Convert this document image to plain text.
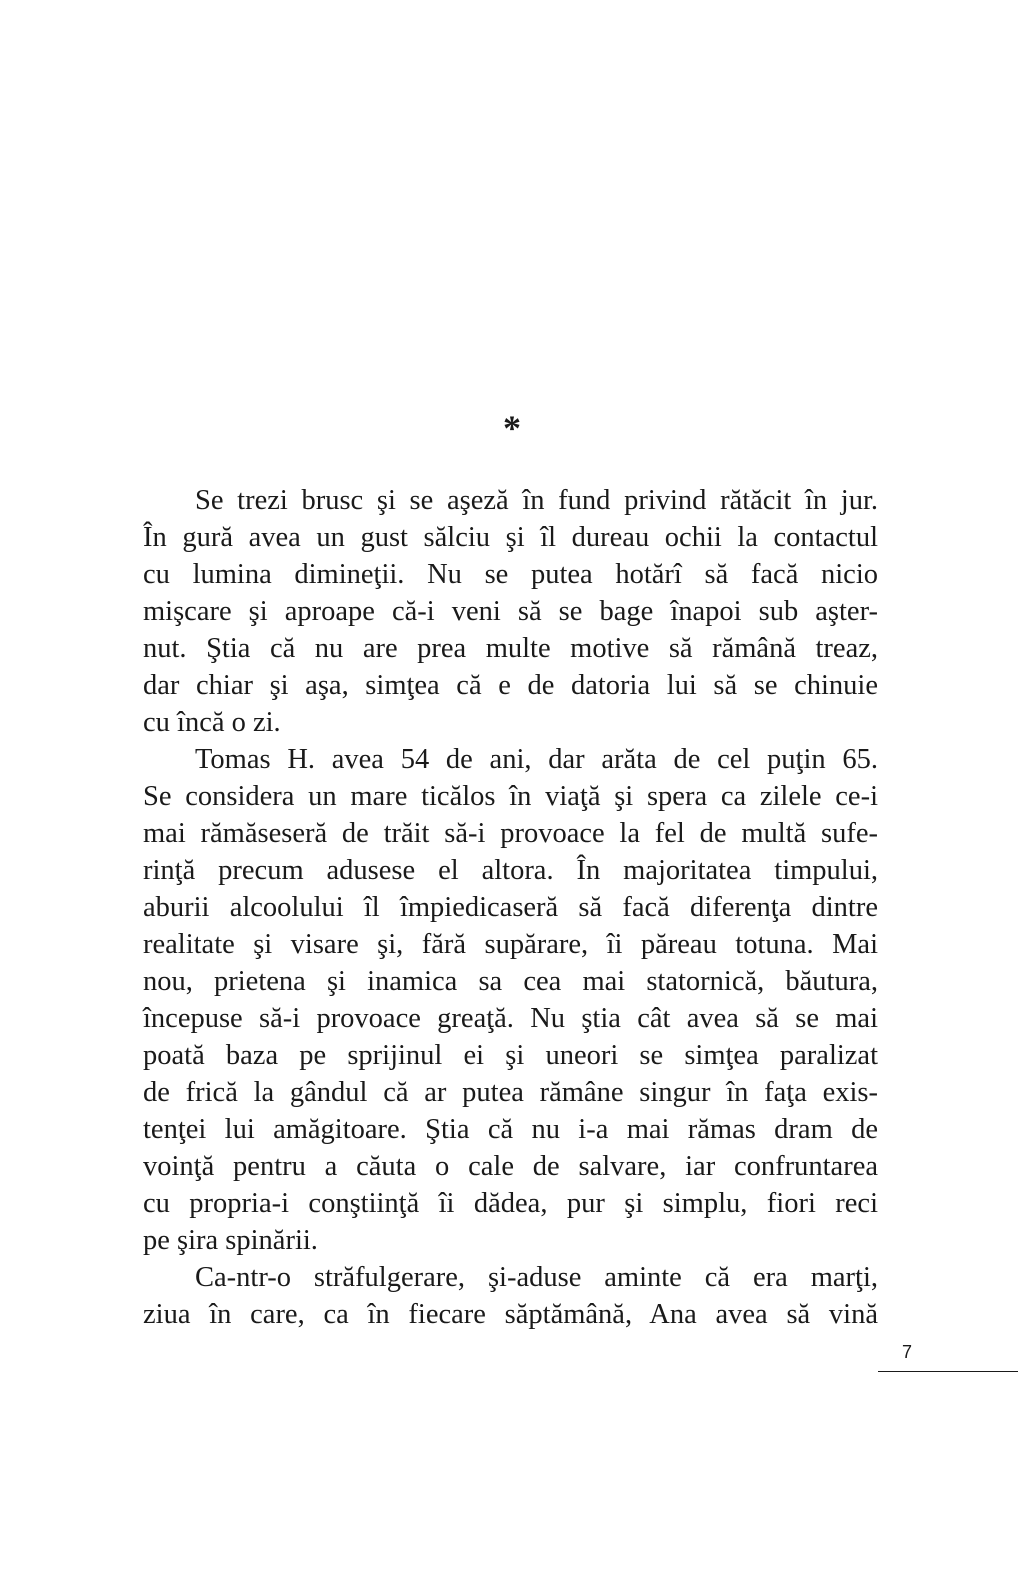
*
Se trezi brusc şi se aşeză în fund privind rătăcit în jur.
În gură avea un gust sălciu şi îl dureau ochii la contactul
cu lumina dimineţii. Nu se putea hotărî să facă nicio
mişcare şi aproape că-i veni să se bage înapoi sub aşter-
nut. Ştia că nu are prea multe motive să rămână treaz,
dar chiar şi aşa, simţea că e de datoria lui să se chinuie
cu încă o zi.
Tomas H. avea 54 de ani, dar arăta de cel puţin 65.
Se considera un mare ticălos în viaţă şi spera ca zilele ce-i
mai rămăseseră de trăit să-i provoace la fel de multă sufe-
rinţă precum adusese el altora. În majoritatea timpului,
aburii alcoolului îl împiedicaseră să facă diferenţa dintre
realitate şi visare şi, fără supărare, îi păreau totuna. Mai
nou, prietena şi inamica sa cea mai statornică, băutura,
începuse să-i provoace greaţă. Nu ştia cât avea să se mai
poată baza pe sprijinul ei şi uneori se simţea paralizat
de frică la gândul că ar putea rămâne singur în faţa exis-
tenţei lui amăgitoare. Ştia că nu i-a mai rămas dram de
voinţă pentru a căuta o cale de salvare, iar confruntarea
cu propria-i conştiinţă îi dădea, pur şi simplu, fiori reci
pe şira spinării.
Ca-ntr-o străfulgerare, şi-aduse aminte că era marţi,
ziua în care, ca în fiecare săptămână, Ana avea să vină
7
